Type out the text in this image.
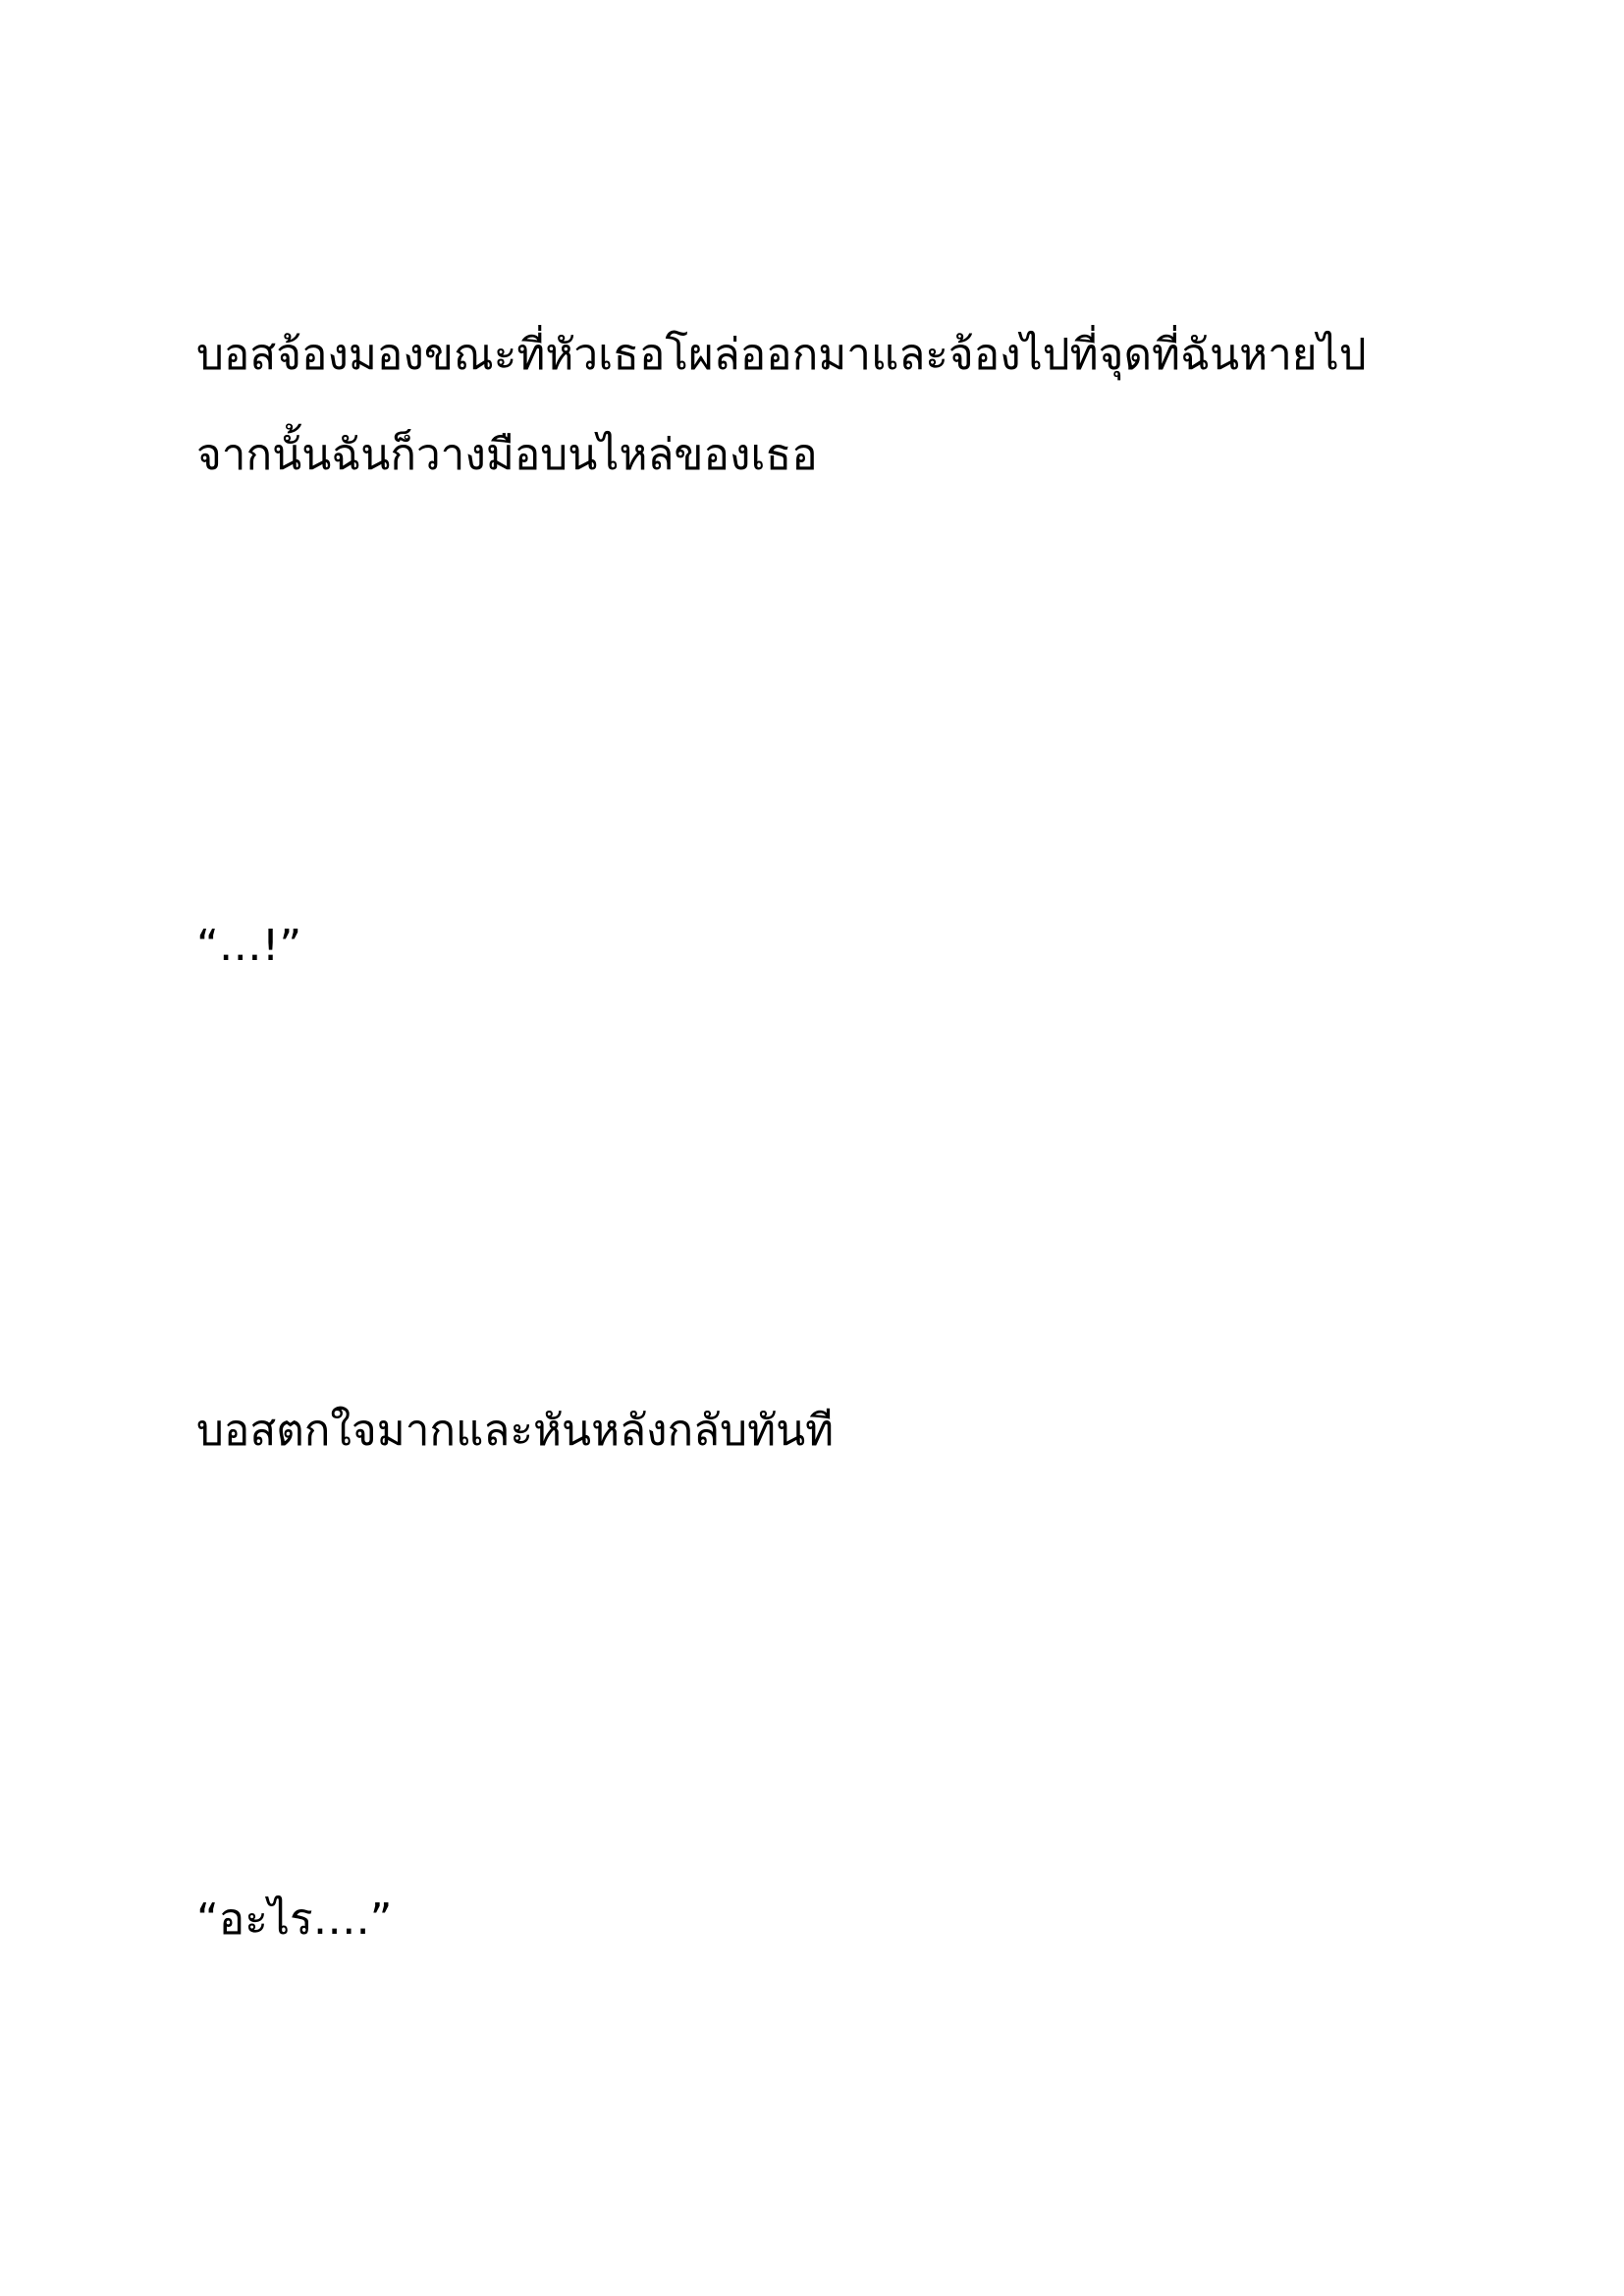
บอสจ้องมองขณะที่หัวเธอโผล่ออกมาและจ้องไปที่จุดที่ฉันหายไป

จากนั้นฉันก็วางมือบนไหล่ของเธอ

“…!”

บอสตกใจมากและหันหลังกลับทันที

“อะไร….”
